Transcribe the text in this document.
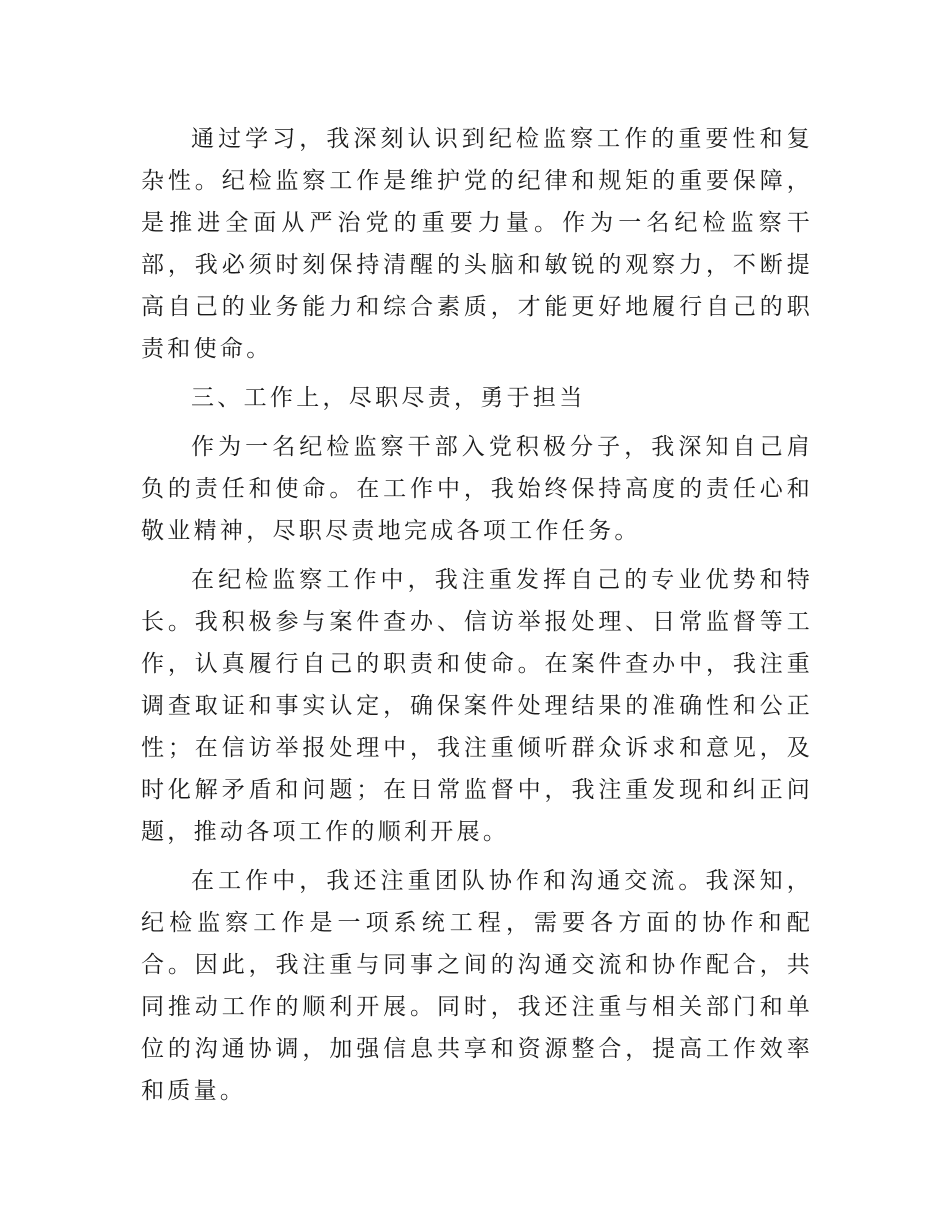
通过学习，我深刻认识到纪检监察工作的重要性和复杂性。纪检监察工作是维护党的纪律和规矩的重要保障，是推进全面从严治党的重要力量。作为一名纪检监察干部，我必须时刻保持清醒的头脑和敏锐的观察力，不断提高自己的业务能力和综合素质，才能更好地履行自己的职责和使命。

三、工作上，尽职尽责，勇于担当

作为一名纪检监察干部入党积极分子，我深知自己肩负的责任和使命。在工作中，我始终保持高度的责任心和敬业精神，尽职尽责地完成各项工作任务。

在纪检监察工作中，我注重发挥自己的专业优势和特长。我积极参与案件查办、信访举报处理、日常监督等工作，认真履行自己的职责和使命。在案件查办中，我注重调查取证和事实认定，确保案件处理结果的准确性和公正性；在信访举报处理中，我注重倾听群众诉求和意见，及时化解矛盾和问题；在日常监督中，我注重发现和纠正问题，推动各项工作的顺利开展。

在工作中，我还注重团队协作和沟通交流。我深知，纪检监察工作是一项系统工程，需要各方面的协作和配合。因此，我注重与同事之间的沟通交流和协作配合，共同推动工作的顺利开展。同时，我还注重与相关部门和单位的沟通协调，加强信息共享和资源整合，提高工作效率和质量。
